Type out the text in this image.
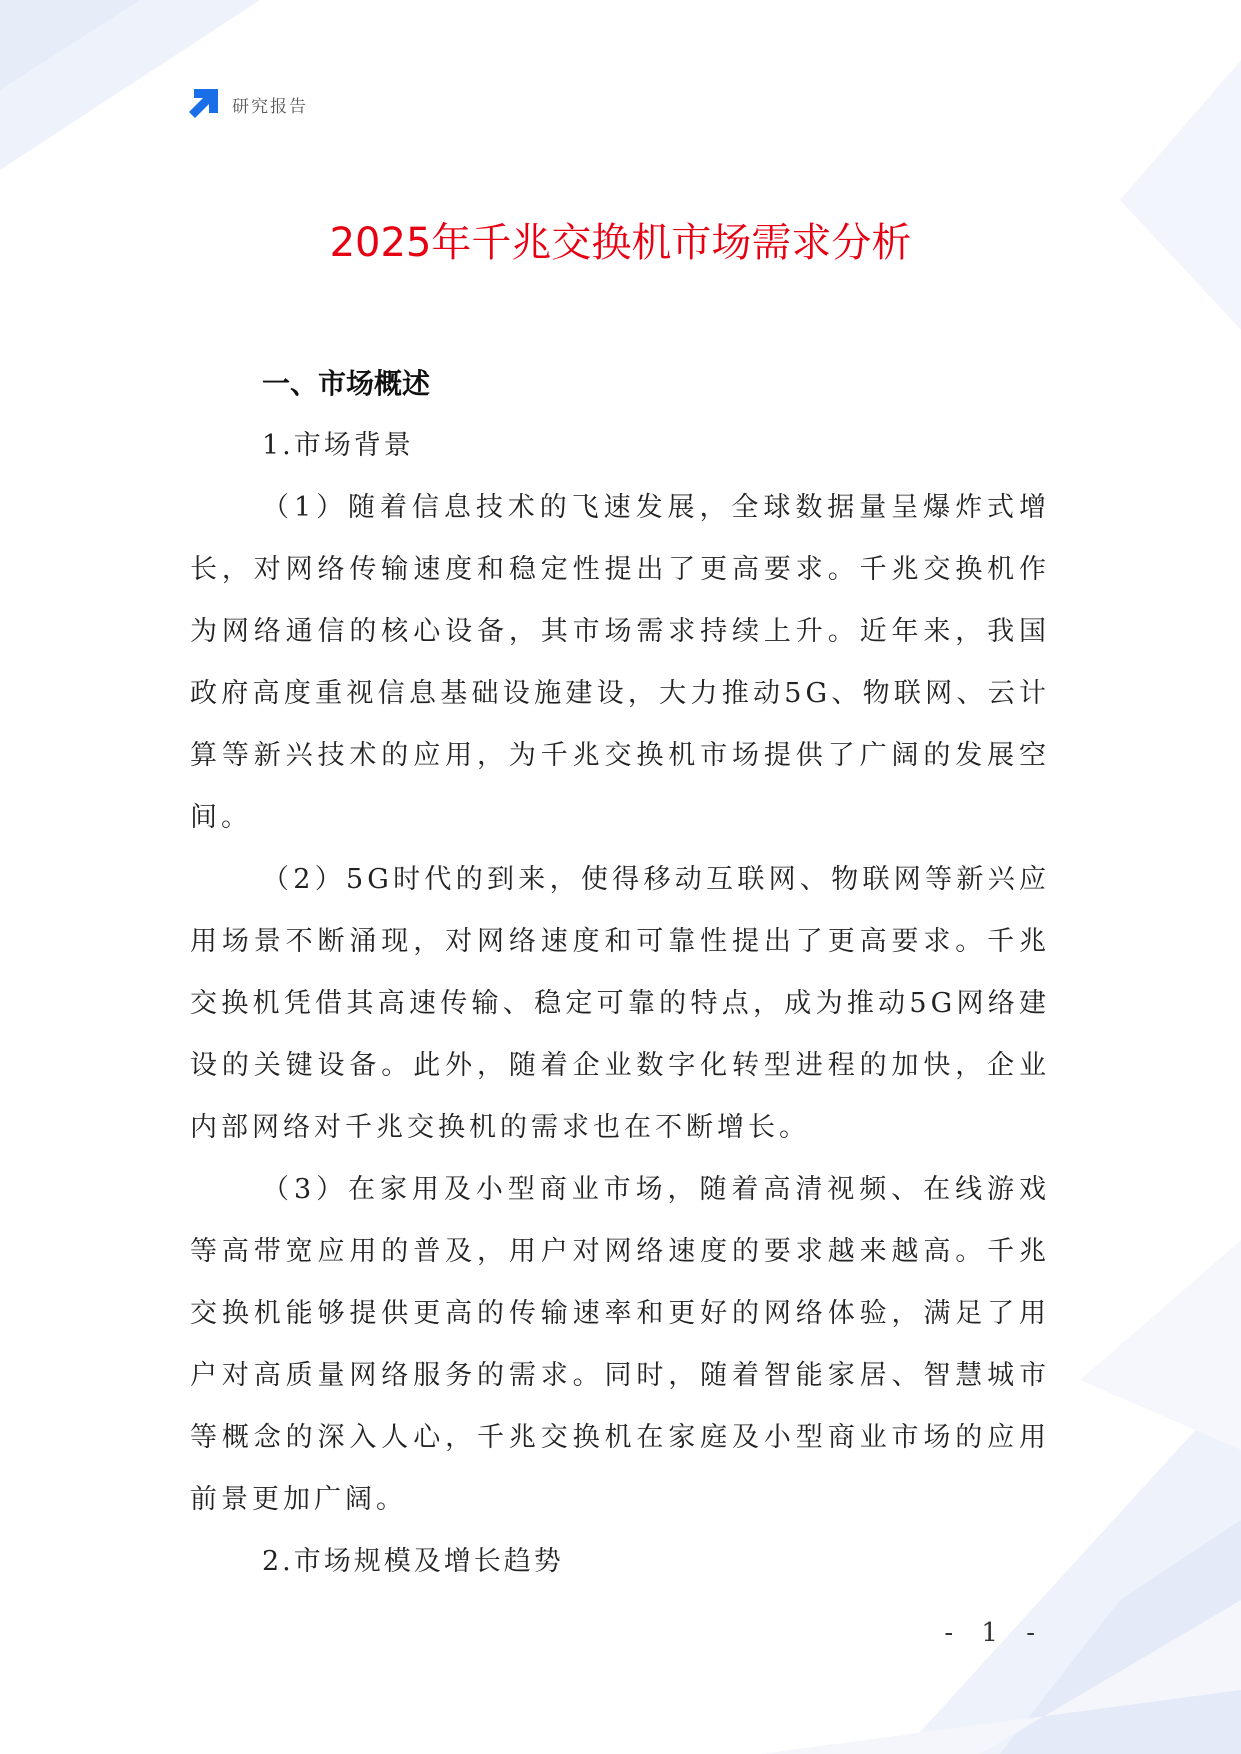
研究报告
2025年千兆交换机市场需求分析

一、市场概述

1.市场背景

（1）随着信息技术的飞速发展，全球数据量呈爆炸式增长，对网络传输速度和稳定性提出了更高要求。千兆交换机作为网络通信的核心设备，其市场需求持续上升。近年来，我国政府高度重视信息基础设施建设，大力推动5G、物联网、云计算等新兴技术的应用，为千兆交换机市场提供了广阔的发展空间。

（2）5G时代的到来，使得移动互联网、物联网等新兴应用场景不断涌现，对网络速度和可靠性提出了更高要求。千兆交换机凭借其高速传输、稳定可靠的特点，成为推动5G网络建设的关键设备。此外，随着企业数字化转型进程的加快，企业内部网络对千兆交换机的需求也在不断增长。

（3）在家用及小型商业市场，随着高清视频、在线游戏等高带宽应用的普及，用户对网络速度的要求越来越高。千兆交换机能够提供更高的传输速率和更好的网络体验，满足了用户对高质量网络服务的需求。同时，随着智能家居、智慧城市等概念的深入人心，千兆交换机在家庭及小型商业市场的应用前景更加广阔。

2.市场规模及增长趋势

- 1 -
